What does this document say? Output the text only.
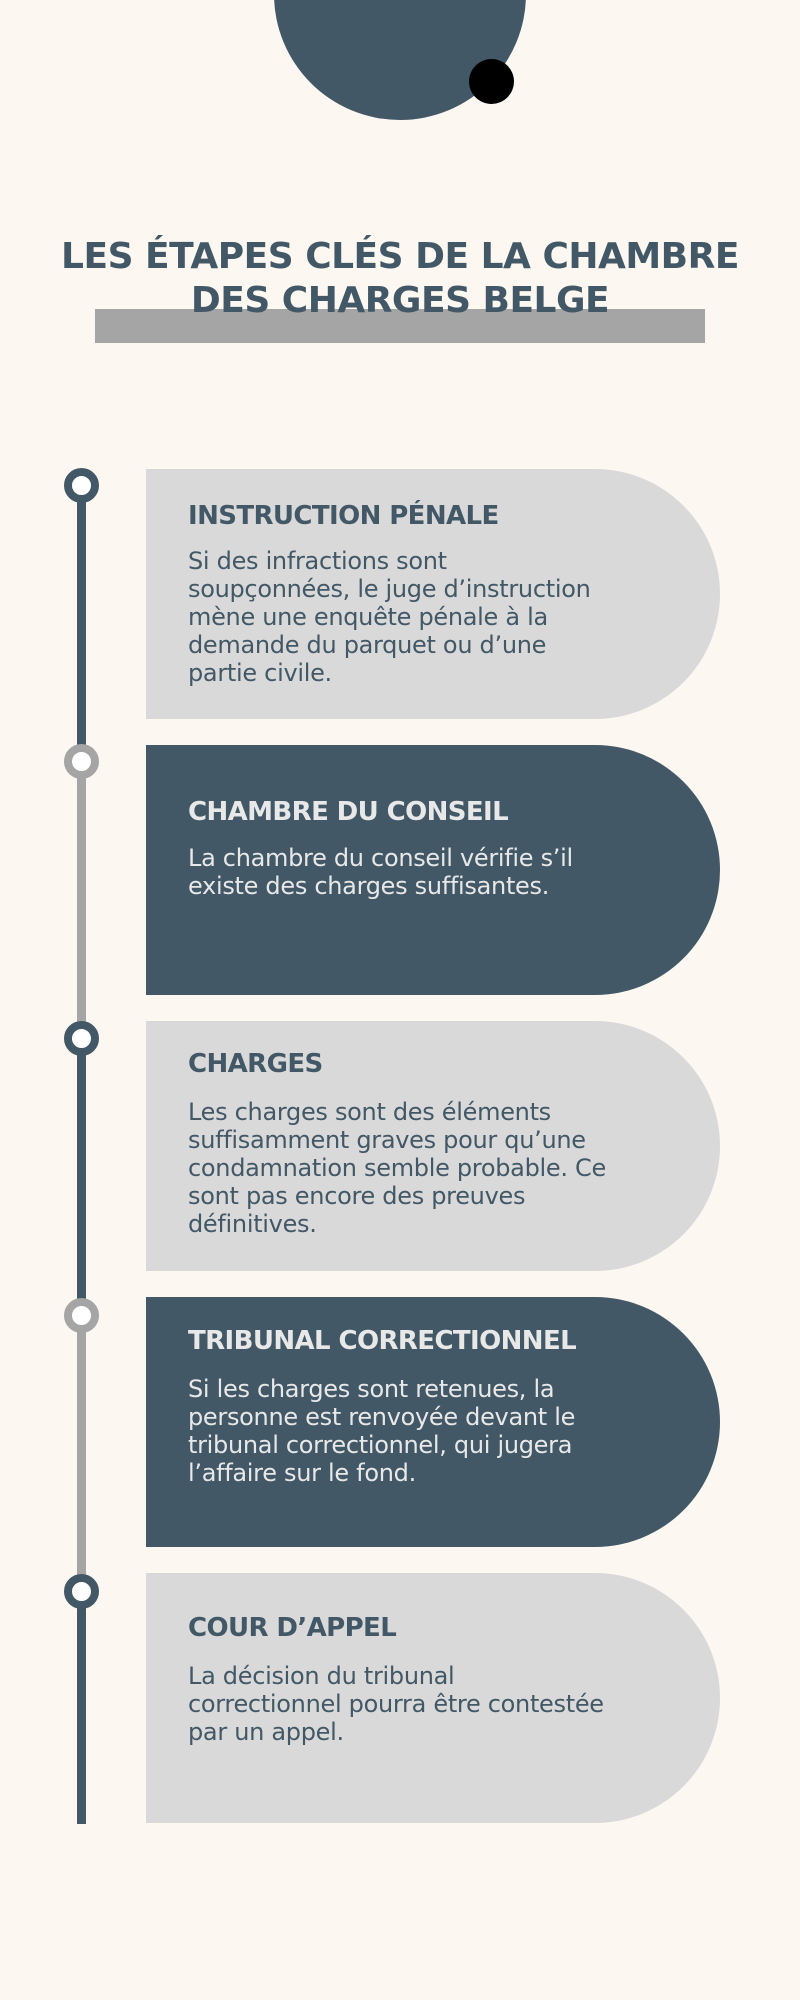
LES ÉTAPES CLÉS DE LA CHAMBRE DES CHARGES BELGE

INSTRUCTION PÉNALE

Si des infractions sont soupçonnées, le juge d’instruction mène une enquête pénale à la demande du parquet ou d’une partie civile.

CHAMBRE DU CONSEIL

La chambre du conseil vérifie s’il existe des charges suffisantes.

CHARGES

Les charges sont des éléments suffisamment graves pour qu’une condamnation semble probable. Ce sont pas encore des preuves définitives.

TRIBUNAL CORRECTIONNEL

Si les charges sont retenues, la personne est renvoyée devant le tribunal correctionnel, qui jugera l’affaire sur le fond.

COUR D’APPEL

La décision du tribunal correctionnel pourra être contestée par un appel.
